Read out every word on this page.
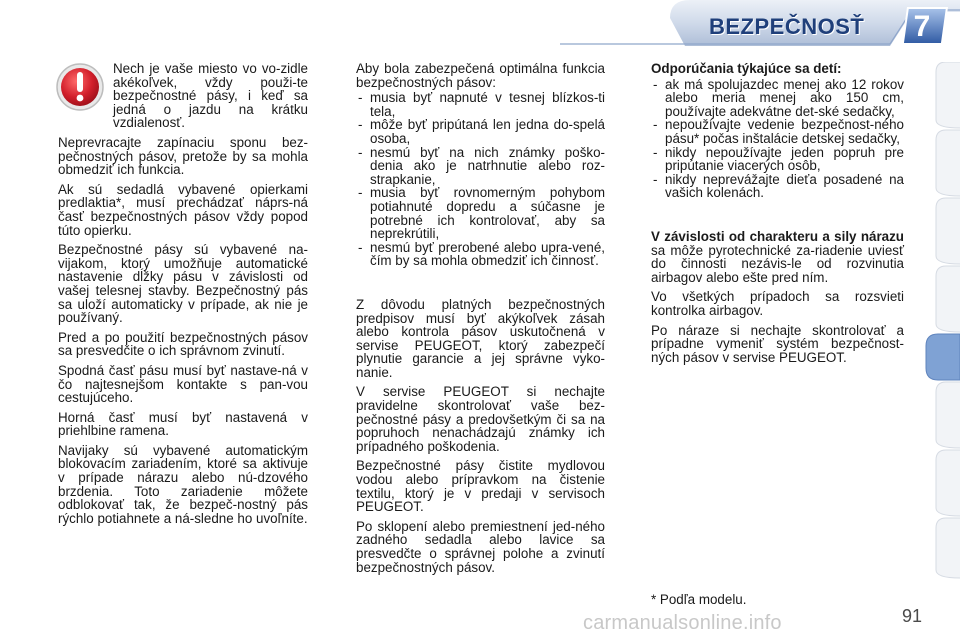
BEZPEČNOSŤ 7
Nech je vaše miesto vo vo-zidle akékoľvek, vždy použi-te bezpečnostné pásy, i keď sa jedná o jazdu na krátku vzdialenosť.

Neprevracajte zapínaciu sponu bez-pečnostných pásov, pretože by sa mohla obmedziť ich funkcia.

Ak sú sedadlá vybavené opierkami predlaktia*, musí prechádzať náprs-ná časť bezpečnostných pásov vždy popod túto opierku.

Bezpečnostné pásy sú vybavené na-vijakom, ktorý umožňuje automatické nastavenie dĺžky pásu v závislosti od vašej telesnej stavby. Bezpečnostný pás sa uloží automaticky v prípade, ak nie je používaný.

Pred a po použití bezpečnostných pásov sa presvedčite o ich správnom zvinutí.

Spodná časť pásu musí byť nastave-ná v čo najtesnejšom kontakte s pan-vou cestujúceho.

Horná časť musí byť nastavená v priehlbine ramena.

Navijaky sú vybavené automatickým blokovacím zariadením, ktoré sa aktivuje v prípade nárazu alebo nú-dzového brzdenia. Toto zariadenie môžete odblokovať tak, že bezpeč-nostný pás rýchlo potiahnete a ná-sledne ho uvoľníte.

Aby bola zabezpečená optimálna funkcia bezpečnostných pásov:

- musia byť napnuté v tesnej blízkos-ti tela,
- môže byť pripútaná len jedna do-spelá osoba,
- nesmú byť na nich známky poško-denia ako je natrhnutie alebo roz-strapkanie,
- musia byť rovnomerným pohybom potiahnuté dopredu a súčasne je potrebné ich kontrolovať, aby sa neprekrútili,
- nesmú byť prerobené alebo upra-vené, čím by sa mohla obmedziť ich činnosť.

Z dôvodu platných bezpečnostných predpisov musí byť akýkoľvek zásah alebo kontrola pásov uskutočnená v servise PEUGEOT, ktorý zabezpečí plynutie garancie a jej správne vyko-nanie.

V servise PEUGEOT si nechajte pravidelne skontrolovať vaše bez-pečnostné pásy a predovšetkým či sa na popruhoch nenachádzajú známky ich prípadného poškodenia.

Bezpečnostné pásy čistite mydlovou vodou alebo prípravkom na čistenie textilu, ktorý je v predaji v servisoch PEUGEOT.

Po sklopení alebo premiestnení jed-ného zadného sedadla alebo lavice sa presvedčte o správnej polohe a zvinutí bezpečnostných pásov.

Odporúčania týkajúce sa detí:

- ak má spolujazdec menej ako 12 rokov alebo meria menej ako 150 cm, používajte adekvátne det-ské sedačky,
- nepoužívajte vedenie bezpečnost-ného pásu* počas inštalácie detskej sedačky,
- nikdy nepoužívajte jeden popruh pre pripútanie viacerých osôb,
- nikdy neprevážajte dieťa posadené na vašich kolenách.

V závislosti od charakteru a sily nárazu sa môže pyrotechnické za-riadenie uviesť do činnosti nezávis-le od rozvinutia airbagov alebo ešte pred ním.

Vo všetkých prípadoch sa rozsvieti kontrolka airbagov.

Po náraze si nechajte skontrolovať a prípadne vymeniť systém bezpečnost-ných pásov v servise PEUGEOT.

* Podľa modelu.
carmanualsonline.info	91
